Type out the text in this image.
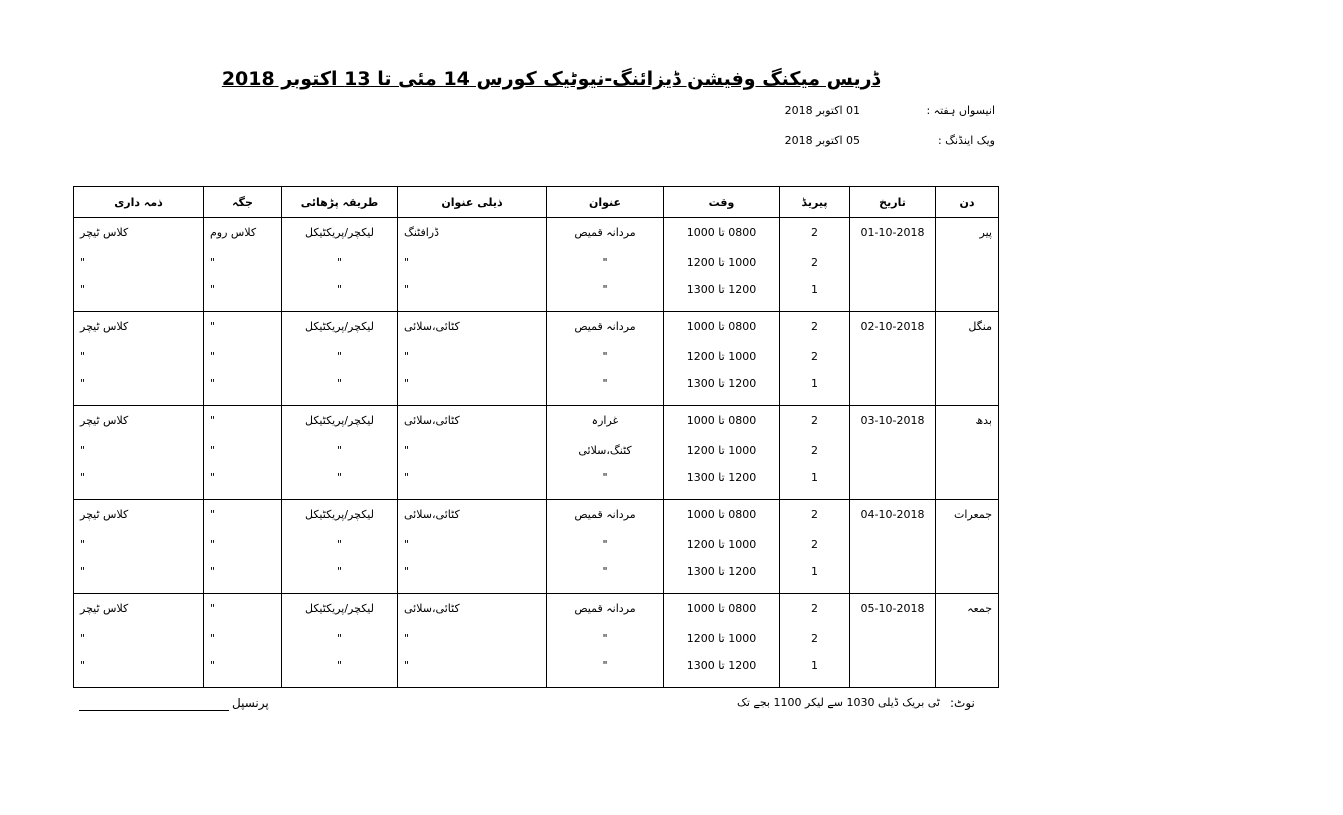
ڈریس میکنگ وفیشن ڈیزائنگ-نیوٹیک کورس 14 مئی تا 13 اکتوبر 2018
انیسواں ہفتہ :
01 اکتوبر 2018
ویک اینڈنگ :
05 اکتوبر 2018
دن	تاریخ	پیریڈ	وقت	عنوان	ذیلی عنوان	طریقہ پڑھائی	جگہ	ذمہ داری
پیر	01-10-2018	2	0800 تا 1000	مردانہ قمیص	ڈرافٹنگ	لیکچر/پریکٹیکل	کلاس روم	کلاس ٹیچر
		2	1000 تا 1200	"	"	"	"	"
		1	1200 تا 1300	"	"	"	"	"
منگل	02-10-2018	2	0800 تا 1000	مردانہ قمیص	کٹائی،سلائی	لیکچر/پریکٹیکل	"	کلاس ٹیچر
		2	1000 تا 1200	"	"	"	"	"
		1	1200 تا 1300	"	"	"	"	"
بدھ	03-10-2018	2	0800 تا 1000	غرارہ	کٹائی،سلائی	لیکچر/پریکٹیکل	"	کلاس ٹیچر
		2	1000 تا 1200	کٹنگ،سلائی	"	"	"	"
		1	1200 تا 1300	"	"	"	"	"
جمعرات	04-10-2018	2	0800 تا 1000	مردانہ قمیص	کٹائی،سلائی	لیکچر/پریکٹیکل	"	کلاس ٹیچر
		2	1000 تا 1200	"	"	"	"	"
		1	1200 تا 1300	"	"	"	"	"
جمعہ	05-10-2018	2	0800 تا 1000	مردانہ قمیص	کٹائی،سلائی	لیکچر/پریکٹیکل	"	کلاس ٹیچر
		2	1000 تا 1200	"	"	"	"	"
		1	1200 تا 1300	"	"	"	"	"
نوٹ:
ٹی بریک ڈیلی 1030 سے لیکر 1100 بجے تک
پرنسپل
